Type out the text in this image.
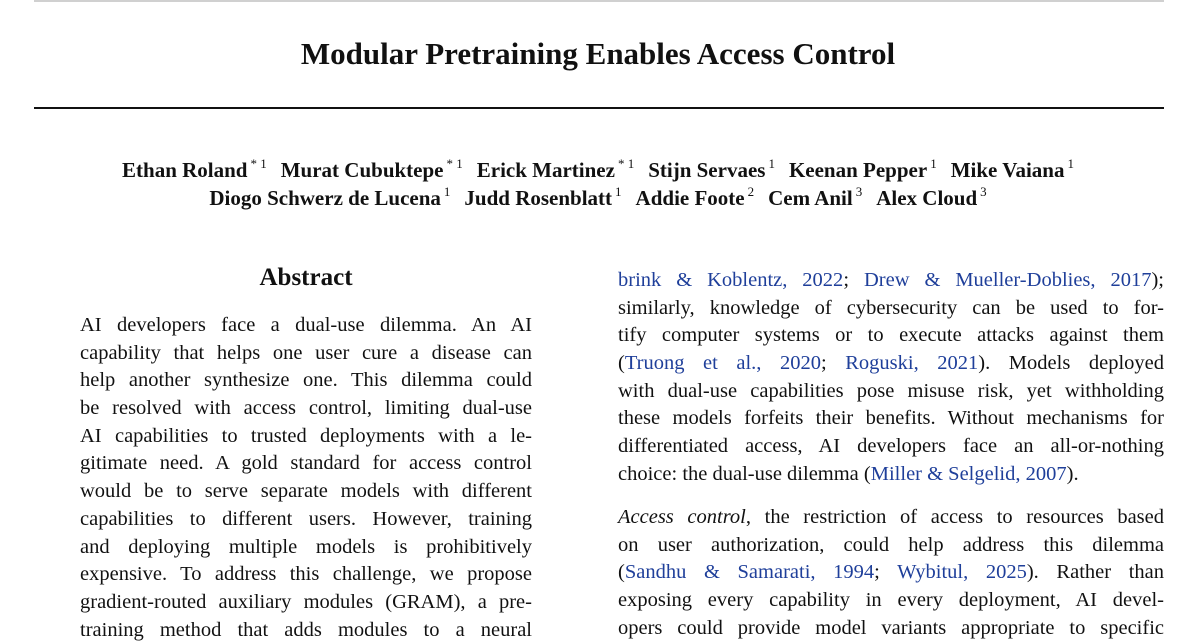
Modular Pretraining Enables Access Control
Ethan Roland $^{* 1}$ Murat Cubuktepe $^{* 1}$ Erick Martinez $^{* 1}$ Stijn Servaes $^1$ Keenan Pepper $^1$ Mike Vaiana $^1$
Diogo Schwerz de Lucena $^1$ Judd Rosenblatt $^1$ Addie Foote $^2$ Cem Anil $^3$ Alex Cloud $^3$
Abstract
AI developers face a dual-use dilemma. An AI
capability that helps one user cure a disease can
help another synthesize one. This dilemma could
be resolved with access control, limiting dual-use
AI capabilities to trusted deployments with a le-
gitimate need. A gold standard for access control
would be to serve separate models with different
capabilities to different users. However, training
and deploying multiple models is prohibitively
expensive. To address this challenge, we propose
gradient-routed auxiliary modules (GRAM), a pre-
training method that adds modules to a neural
brink & Koblentz, 2022; Drew & Mueller-Doblies, 2017);
similarly, knowledge of cybersecurity can be used to for-
tify computer systems or to execute attacks against them
(Truong et al., 2020; Roguski, 2021). Models deployed
with dual-use capabilities pose misuse risk, yet withholding
these models forfeits their benefits. Without mechanisms for
differentiated access, AI developers face an all-or-nothing
choice: the dual-use dilemma (Miller & Selgelid, 2007).
Access control, the restriction of access to resources based
on user authorization, could help address this dilemma
(Sandhu & Samarati, 1994; Wybitul, 2025). Rather than
exposing every capability in every deployment, AI devel-
opers could provide model variants appropriate to specific
